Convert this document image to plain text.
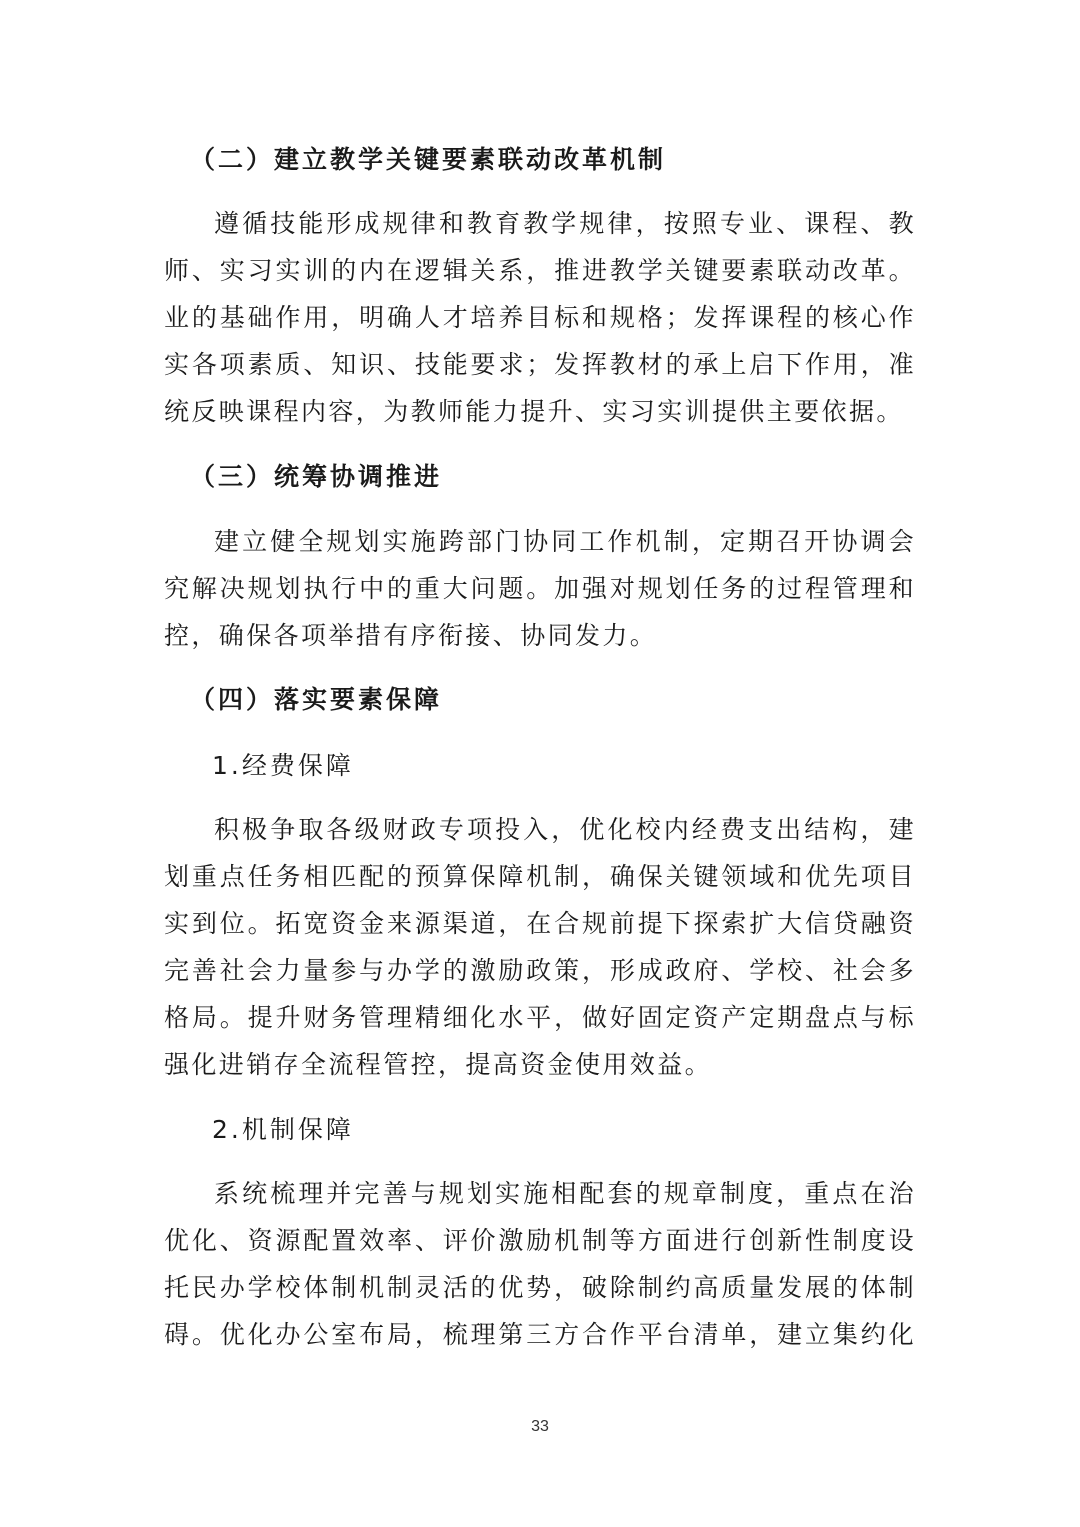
（二）建立教学关键要素联动改革机制
遵循技能形成规律和教育教学规律，按照专业、课程、教
师、实习实训的内在逻辑关系，推进教学关键要素联动改革。
业的基础作用，明确人才培养目标和规格；发挥课程的核心作
实各项素质、知识、技能要求；发挥教材的承上启下作用，准
统反映课程内容，为教师能力提升、实习实训提供主要依据。
（三）统筹协调推进
建立健全规划实施跨部门协同工作机制，定期召开协调会
究解决规划执行中的重大问题。加强对规划任务的过程管理和
控，确保各项举措有序衔接、协同发力。
（四）落实要素保障
1.经费保障
积极争取各级财政专项投入，优化校内经费支出结构，建
划重点任务相匹配的预算保障机制，确保关键领域和优先项目
实到位。拓宽资金来源渠道，在合规前提下探索扩大信贷融资
完善社会力量参与办学的激励政策，形成政府、学校、社会多
格局。提升财务管理精细化水平，做好固定资产定期盘点与标
强化进销存全流程管控，提高资金使用效益。
2.机制保障
系统梳理并完善与规划实施相配套的规章制度，重点在治
优化、资源配置效率、评价激励机制等方面进行创新性制度设
托民办学校体制机制灵活的优势，破除制约高质量发展的体制
碍。优化办公室布局，梳理第三方合作平台清单，建立集约化
33
